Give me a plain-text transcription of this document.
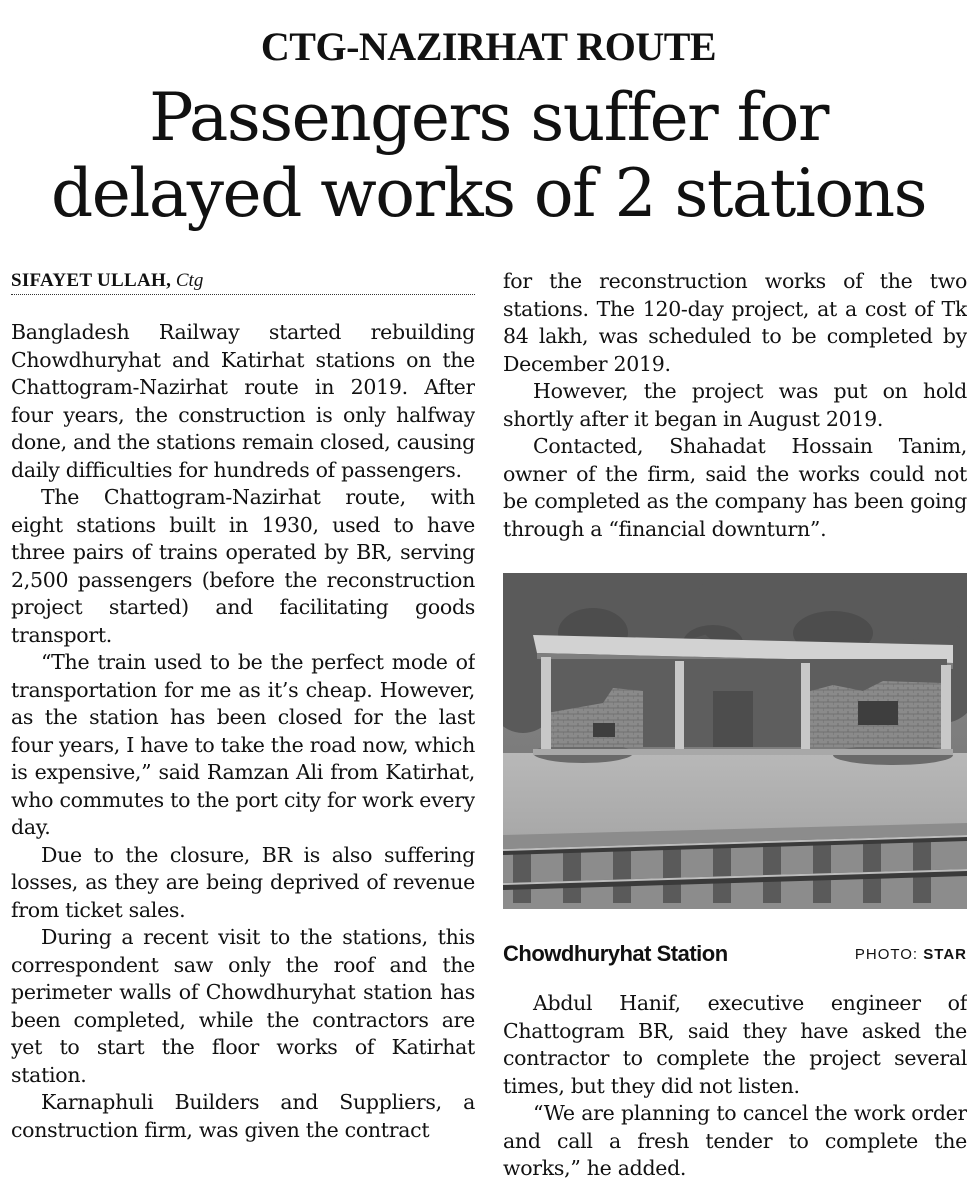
CTG-NAZIRHAT ROUTE
Passengers suffer for
delayed works of 2 stations
SIFAYET ULLAH, Ctg

Bangladesh Railway started rebuilding Chowdhuryhat and Katirhat stations on the Chattogram-Nazirhat route in 2019. After four years, the construction is only halfway done, and the stations remain closed, causing daily difficulties for hundreds of passengers.

The Chattogram-Nazirhat route, with eight stations built in 1930, used to have three pairs of trains operated by BR, serving 2,500 passengers (before the reconstruction project started) and facilitating goods transport.

“The train used to be the perfect mode of transportation for me as it’s cheap. However, as the station has been closed for the last four years, I have to take the road now, which is expensive,” said Ramzan Ali from Katirhat, who commutes to the port city for work every day.

Due to the closure, BR is also suffering losses, as they are being deprived of revenue from ticket sales.

During a recent visit to the stations, this correspondent saw only the roof and the perimeter walls of Chowdhuryhat station has been completed, while the contractors are yet to start the floor works of Katirhat station.

Karnaphuli Builders and Suppliers, a construction firm, was given the contract

for the reconstruction works of the two stations. The 120-day project, at a cost of Tk 84 lakh, was scheduled to be completed by December 2019.

However, the project was put on hold shortly after it began in August 2019.

Contacted, Shahadat Hossain Tanim, owner of the firm, said the works could not be completed as the company has been going through a “financial downturn”.

Chowdhuryhat Station	PHOTO: STAR

Abdul Hanif, executive engineer of Chattogram BR, said they have asked the contractor to complete the project several times, but they did not listen.

“We are planning to cancel the work order and call a fresh tender to complete the works,” he added.
